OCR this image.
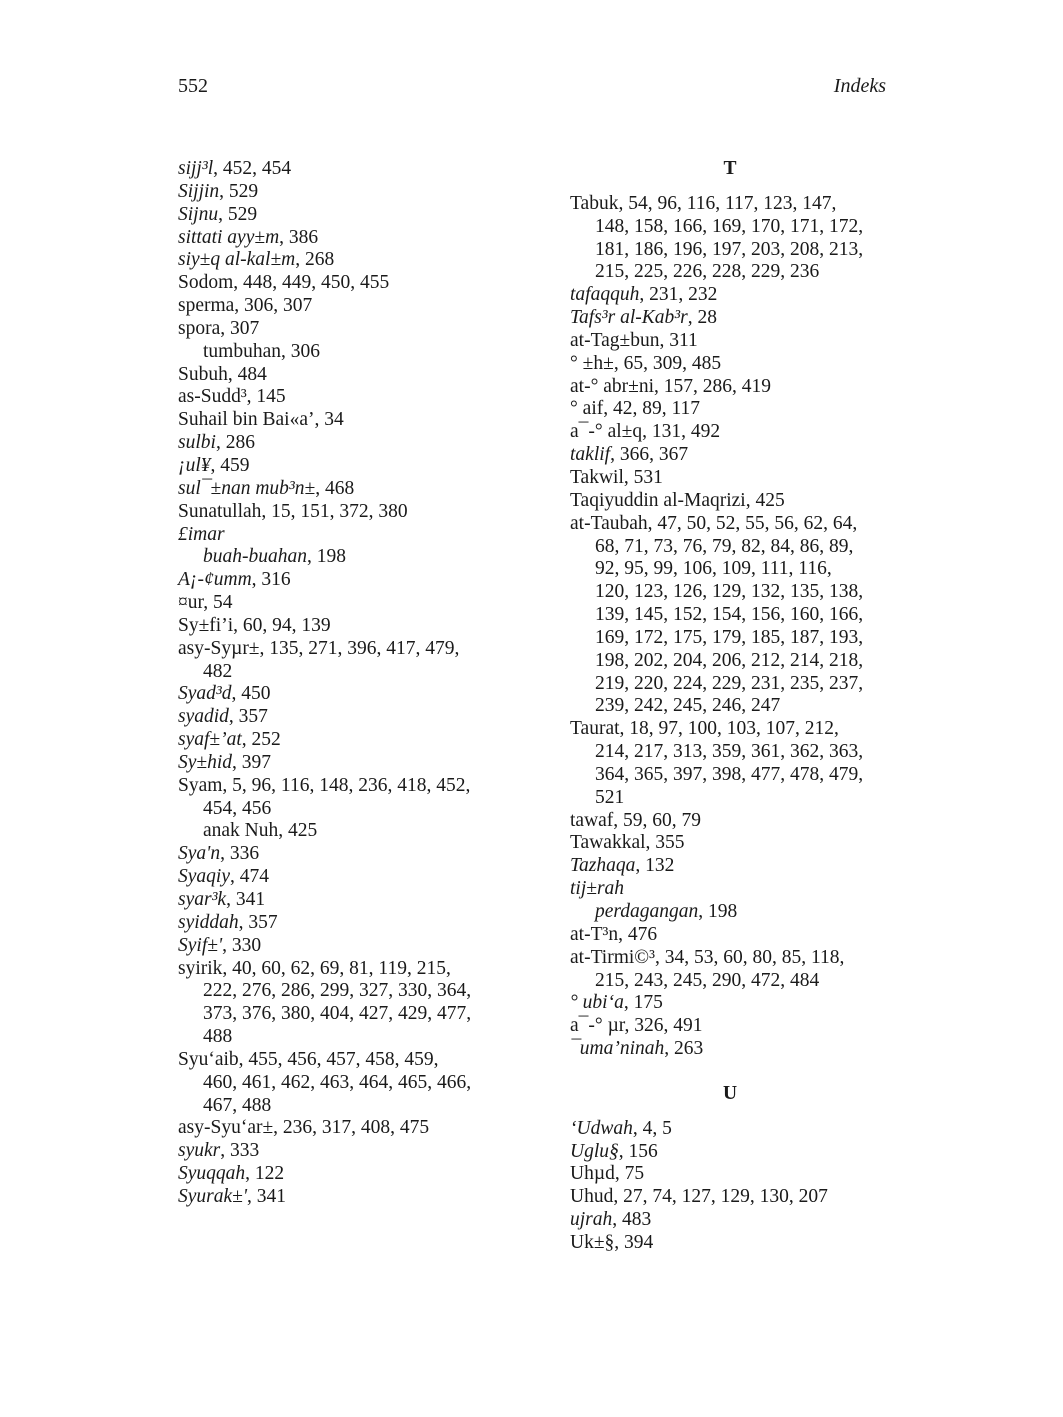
552	Indeks

sijj³l, 452, 454

Sijjin, 529

Sijnu, 529

sittati ayy±m, 386

siy±q al-kal±m, 268

Sodom, 448, 449, 450, 455

sperma, 306, 307

spora, 307

tumbuhan, 306

Subuh, 484

as-Sudd³, 145

Suhail bin Bai«a’, 34

sulbi, 286

¡ul¥, 459

sul¯±nan mub³n±, 468

Sunatullah, 15, 151, 372, 380

£imar

buah-buahan, 198

A¡-¢umm, 316

¤ur, 54

Sy±fi’i, 60, 94, 139

asy-Syµr±, 135, 271, 396, 417, 479,

482

Syad³d, 450

syadid, 357

syaf±’at, 252

Sy±hid, 397

Syam, 5, 96, 116, 148, 236, 418, 452,

454, 456

anak Nuh, 425

Sya'n, 336

Syaqiy, 474

syar³k, 341

syiddah, 357

Syif±', 330

syirik, 40, 60, 62, 69, 81, 119, 215,

222, 276, 286, 299, 327, 330, 364,

373, 376, 380, 404, 427, 429, 477,

488

Syu‘aib, 455, 456, 457, 458, 459,

460, 461, 462, 463, 464, 465, 466,

467, 488

asy-Syu‘ar±, 236, 317, 408, 475

syukr, 333

Syuqqah, 122

Syurak±', 341

T

Tabuk, 54, 96, 116, 117, 123, 147,

148, 158, 166, 169, 170, 171, 172,

181, 186, 196, 197, 203, 208, 213,

215, 225, 226, 228, 229, 236

tafaqquh, 231, 232

Tafs³r al-Kab³r, 28

at-Tag±bun, 311

° ±h±, 65, 309, 485

at-° abr±ni, 157, 286, 419

° aif, 42, 89, 117

a¯-° al±q, 131, 492

taklif, 366, 367

Takwil, 531

Taqiyuddin al-Maqrizi, 425

at-Taubah, 47, 50, 52, 55, 56, 62, 64,

68, 71, 73, 76, 79, 82, 84, 86, 89,

92, 95, 99, 106, 109, 111, 116,

120, 123, 126, 129, 132, 135, 138,

139, 145, 152, 154, 156, 160, 166,

169, 172, 175, 179, 185, 187, 193,

198, 202, 204, 206, 212, 214, 218,

219, 220, 224, 229, 231, 235, 237,

239, 242, 245, 246, 247

Taurat, 18, 97, 100, 103, 107, 212,

214, 217, 313, 359, 361, 362, 363,

364, 365, 397, 398, 477, 478, 479,

521

tawaf, 59, 60, 79

Tawakkal, 355

Tazhaqa, 132

tij±rah

perdagangan, 198

at-T³n, 476

at-Tirmi©³, 34, 53, 60, 80, 85, 118,

215, 243, 245, 290, 472, 484

° ubi‘a, 175

a¯-° µr, 326, 491

¯uma’ninah, 263

U

‘Udwah, 4, 5

Uglu§, 156

Uhµd, 75

Uhud, 27, 74, 127, 129, 130, 207

ujrah, 483

Uk±§, 394
